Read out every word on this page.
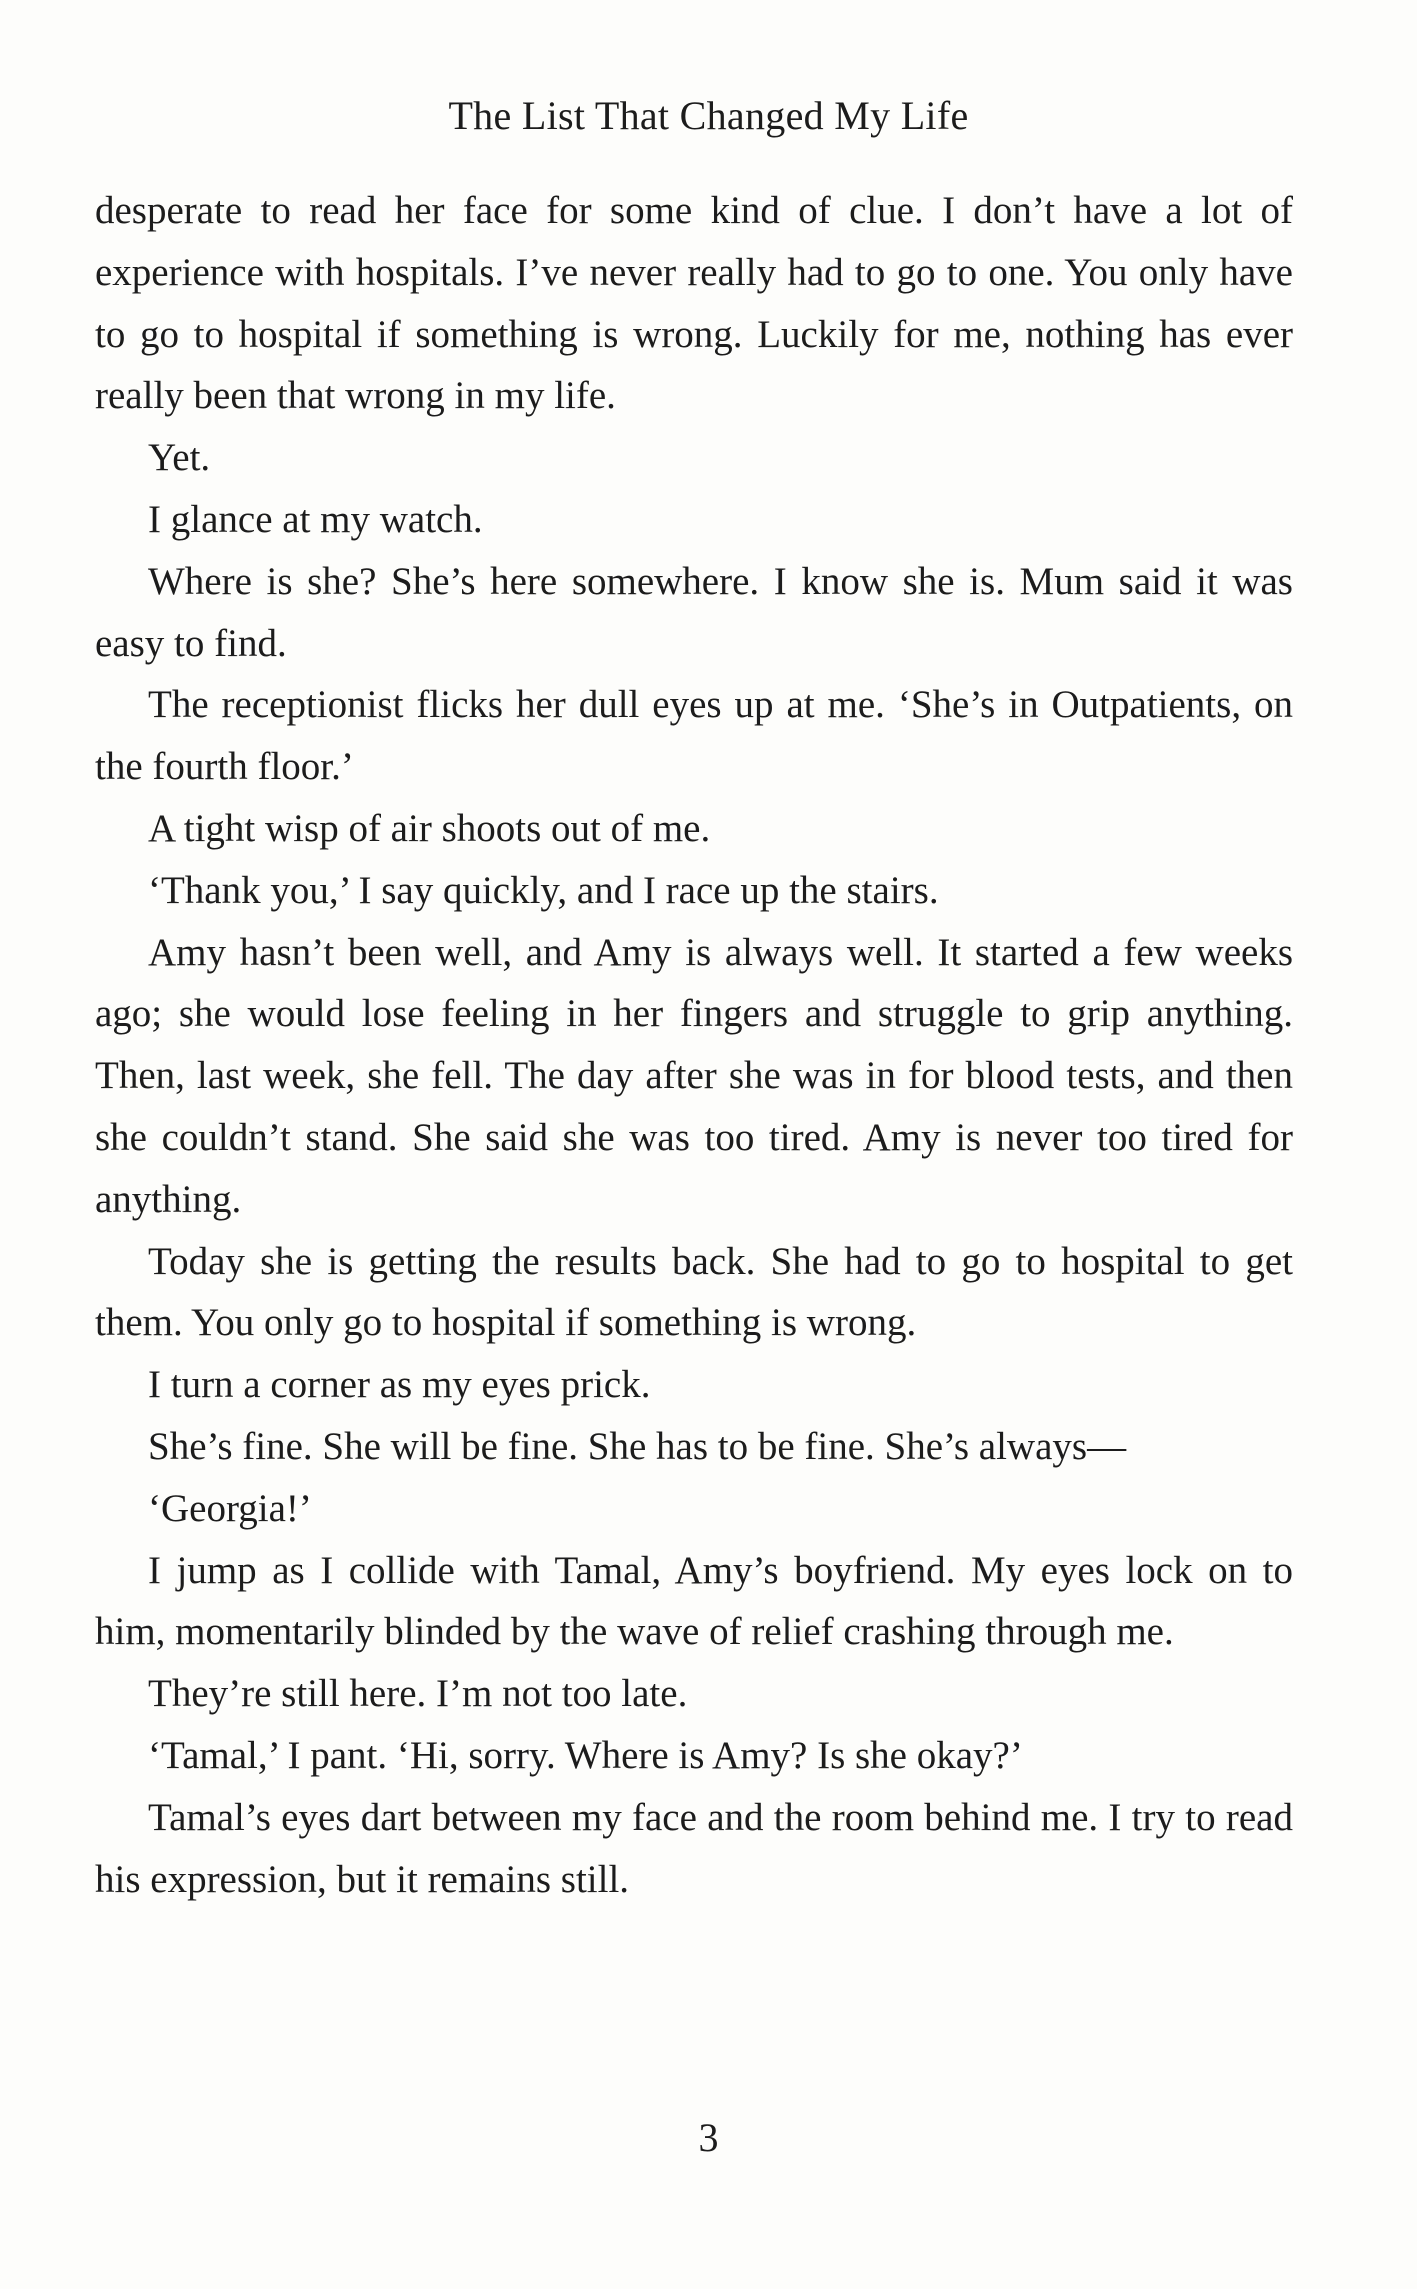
The List That Changed My Life

desperate to read her face for some kind of clue. I don’t have a lot of experience with hospitals. I’ve never really had to go to one. You only have to go to hospital if something is wrong. Luckily for me, nothing has ever really been that wrong in my life.

Yet.

I glance at my watch.

Where is she? She’s here somewhere. I know she is. Mum said it was easy to find.

The receptionist flicks her dull eyes up at me. ‘She’s in Outpatients, on the fourth floor.’

A tight wisp of air shoots out of me.

‘Thank you,’ I say quickly, and I race up the stairs.

Amy hasn’t been well, and Amy is always well. It started a few weeks ago; she would lose feeling in her fingers and struggle to grip anything. Then, last week, she fell. The day after she was in for blood tests, and then she couldn’t stand. She said she was too tired. Amy is never too tired for anything.

Today she is getting the results back. She had to go to hospital to get them. You only go to hospital if something is wrong.

I turn a corner as my eyes prick.

She’s fine. She will be fine. She has to be fine. She’s always—

‘Georgia!’

I jump as I collide with Tamal, Amy’s boyfriend. My eyes lock on to him, momentarily blinded by the wave of relief crashing through me.

They’re still here. I’m not too late.

‘Tamal,’ I pant. ‘Hi, sorry. Where is Amy? Is she okay?’

Tamal’s eyes dart between my face and the room behind me. I try to read his expression, but it remains still.

3
